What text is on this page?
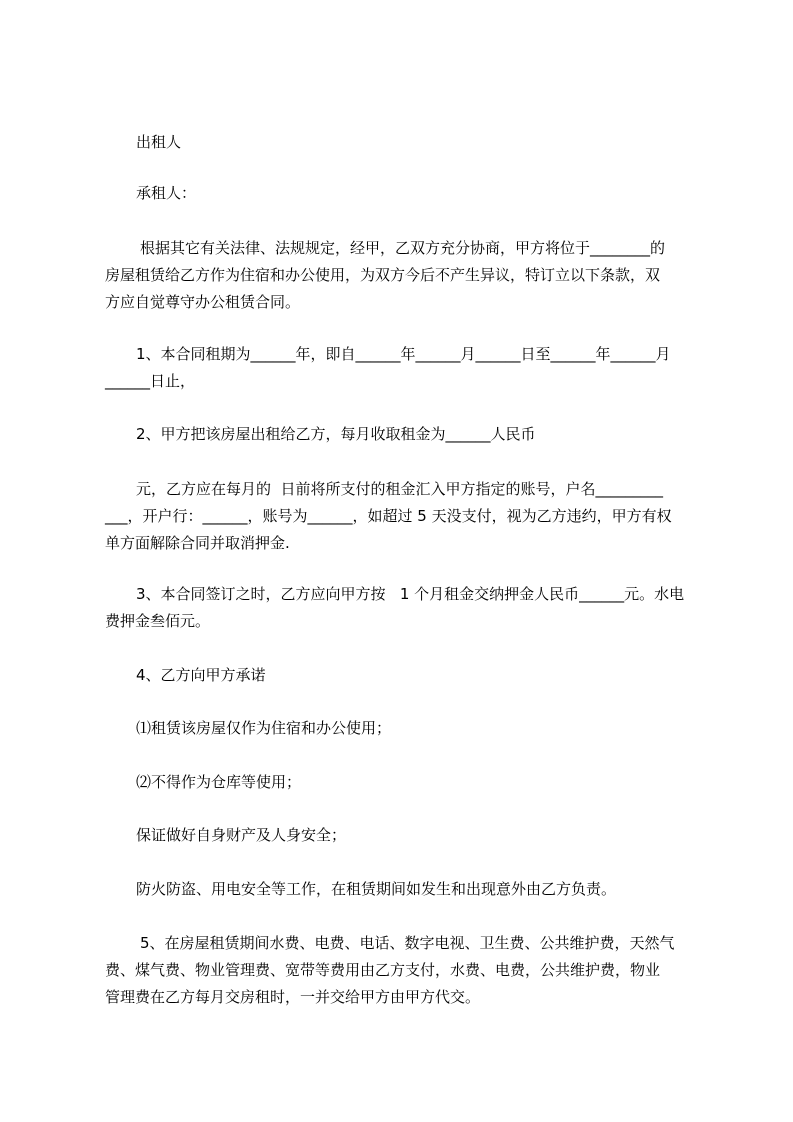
出租人
承租人：
根据其它有关法律、法规规定，经甲，乙双方充分协商，甲方将位于________的
房屋租赁给乙方作为住宿和办公使用，为双方今后不产生异议，特订立以下条款，双
方应自觉尊守办公租赁合同。
1、本合同租期为______年，即自______年______月______日至______年______月
______日止，
2、甲方把该房屋出租给乙方，每月收取租金为______人民币
元，乙方应在每月的  日前将所支付的租金汇入甲方指定的账号，户名_________
___，开户行：______，账号为______，如超过 5 天没支付，视为乙方违约，甲方有权
单方面解除合同并取消押金.
3、本合同签订之时，乙方应向甲方按   1 个月租金交纳押金人民币______元。水电
费押金叁佰元。
4、乙方向甲方承诺
⑴租赁该房屋仅作为住宿和办公使用；
⑵不得作为仓库等使用；
保证做好自身财产及人身安全；
防火防盗、用电安全等工作，在租赁期间如发生和出现意外由乙方负责。
5、在房屋租赁期间水费、电费、电话、数字电视、卫生费、公共维护费，天然气
费、煤气费、物业管理费、宽带等费用由乙方支付，水费、电费，公共维护费，物业
管理费在乙方每月交房租时，一并交给甲方由甲方代交。
